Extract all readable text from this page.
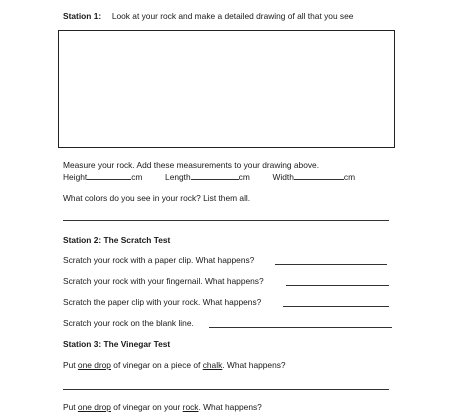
Station 1: Look at your rock and make a detailed drawing of all that you see
Measure your rock. Add these measurements to your drawing above.
Height	cm	Length	cm	Width	cm
What colors do you see in your rock? List them all.
Station 2: The Scratch Test
Scratch your rock with a paper clip. What happens?
Scratch your rock with your fingernail. What happens?
Scratch the paper clip with your rock. What happens?
Scratch your rock on the blank line.
Station 3: The Vinegar Test
Put one drop of vinegar on a piece of chalk. What happens?
Put one drop of vinegar on your rock. What happens?
